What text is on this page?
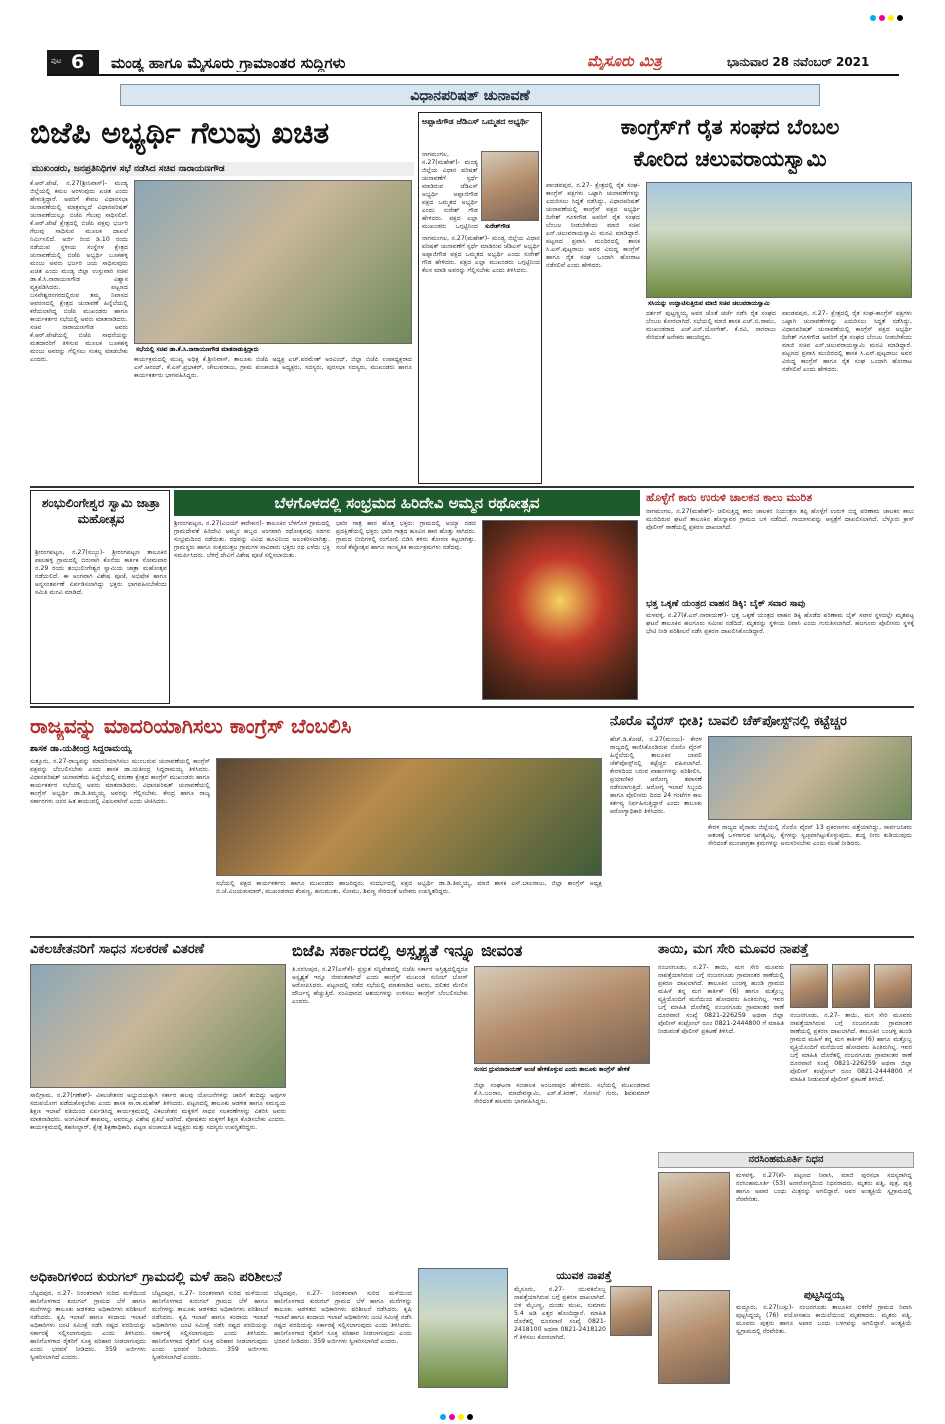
ಪುಟ 6 ಮಂಡ್ಯ ಹಾಗೂ ಮೈಸೂರು ಗ್ರಾಮಾಂತರ ಸುದ್ದಿಗಳು	ಮೈಸೂರು ಮಿತ್ರ	ಭಾನುವಾರ 28 ನವೆಂಬರ್ 2021
ವಿಧಾನಪರಿಷತ್ ಚುನಾವಣೆ
ಬಿಜೆಪಿ ಅಭ್ಯರ್ಥಿ ಗೆಲುವು ಖಚಿತ
ಮುಖಂಡರು, ಜನಪ್ರತಿನಿಧಿಗಳ ಸಭೆ ನಡೆಸಿದ ಸಚಿವ ನಾರಾಯಣಗೌಡ
ಕೆ.ಆರ್.ಪೇಟೆ, ನ.27(ಶ್ರೀನಿವಾಸ್)- ಮಂಡ್ಯ ಜಿಲ್ಲೆಯಲ್ಲಿ ಕಮಲ ಅರಳುವುದು ಖಚಿತ ಎಂದು ಹೇಳುತ್ತಿದ್ದಾರೆ. ಅವರಿಗೆ ಕೇವಲ ವಿಧಾನಸಭಾ ಚುನಾವಣೆಯಲ್ಲಿ ಮಾತ್ರವಲ್ಲದೆ ವಿಧಾನಪರಿಷತ್ ಚುನಾವಣೆಯಲ್ಲೂ ಬಿಜೆಪಿ ಗೆಲುವು ಸಾಧಿಸಲಿದೆ. ಕೆ.ಆರ್.ಪೇಟೆ ಕ್ಷೇತ್ರದಲ್ಲಿ ಬಿಜೆಪಿ ಪಕ್ಷವು ಭರ್ಜರಿ ಗೆಲುವು ಸಾಧಿಸುವ ಮೂಲಕ ದಾಖಲೆ ನಿರ್ಮಿಸಲಿದೆ. ಅರ್ಜಿ ರಿಂದ ಡಿ.10 ರಂದು ನಡೆಯುವ ಸ್ಥಳೀಯ ಸಂಸ್ಥೆಗಳ ಕ್ಷೇತ್ರದ ಚುನಾವಣೆಯಲ್ಲಿ ಬಿಜೆಪಿ ಅಭ್ಯರ್ಥಿ ಬೂಕಹಳ್ಳಿ ಮಂಜು ಅವರು ಭರ್ಜರಿ ಜಯ ಸಾಧಿಸುವುದು ಖಚಿತ ಎಂದು ಮಂಡ್ಯ ಜಿಲ್ಲಾ ಉಸ್ತುವಾರಿ ಸಚಿವ ಡಾ.ಕೆ.ಸಿ.ನಾರಾಯಣಗೌಡ ವಿಶ್ವಾಸ ವ್ಯಕ್ತಪಡಿಸಿದರು. ಪಟ್ಟಣದ ಬಸವೇಶ್ವರನಗರದಲ್ಲಿರುವ ತಮ್ಮ ನಿವಾಸದ ಆವರಣದಲ್ಲಿ ಕ್ಷೇತ್ರದ ಚುನಾವಣೆ ಹಿನ್ನೆಲೆಯಲ್ಲಿ ಕರೆಯಲಾಗಿದ್ದ ಬಿಜೆಪಿ ಮುಖಂಡರು ಹಾಗೂ ಕಾರ್ಯಕರ್ತರ ಸಭೆಯಲ್ಲಿ ಅವರು ಮಾತನಾಡಿದರು. ಸಚಿವ ನಾರಾಯಣಗೌಡ ಅವರು ಕೆ.ಆರ್.ಪೇಟೆಯಲ್ಲಿ ಬಿಜೆಪಿ ಸಾಧನೆಯನ್ನು ಮತದಾರರಿಗೆ ತಿಳಿಸುವ ಮೂಲಕ ಬೂಕಹಳ್ಳಿ ಮಂಜು ಅವರನ್ನು ಗೆಲ್ಲಿಸಲು ಸಂಕಲ್ಪ ಮಾಡಬೇಕು ಎಂದರು.
ಸಭೆಯಲ್ಲಿ ಸಚಿವ ಡಾ.ಕೆ.ಸಿ.ನಾರಾಯಣಗೌಡ ಮಾತನಾಡುತ್ತಿದ್ದಾರು
ಕಾರ್ಯಕ್ರಮದಲ್ಲಿ ಮುಖ್ಯ ಅಧಿಕ್ಷ ಕೆ.ಶ್ರೀನಿವಾಸ್, ತಾಲೂಕು ಬಿಜೆಪಿ ಅಧ್ಯಕ್ಷ ಎಚ್.ಪರಮೇಶ್ ಅರವಿಂದ್, ಜಿಲ್ಲಾ ಬಿಜೆಪಿ ಉಪಾಧ್ಯಕ್ಷರಾದ ಎಸ್.ಆನಂದ್, ಕೆ.ಎಸ್.ಪ್ರಭಾಕರ್, ಚೇಲುವರಾಜು, ಗ್ರಾಮ ಪಂಚಾಯತಿ ಅಧ್ಯಕ್ಷರು, ಸದಸ್ಯರು, ಪುರಸಭಾ ಸದಸ್ಯರು, ಮುಖಂಡರು ಹಾಗೂ ಕಾರ್ಯಕರ್ತರು ಭಾಗವಹಿಸಿದ್ದರು.
ಅಪ್ಪಾಜಿಗೌಡ ಜೆಡಿಎಸ್ ಒಮ್ಮತದ ಅಭ್ಯರ್ಥಿ
ಸುರೇಶ್‌ಗೌಡ
ನಾಗಮಂಗಲ, ನ.27(ಮಹೇಶ್)- ಮಂಡ್ಯ ಜಿಲ್ಲೆಯ ವಿಧಾನ ಪರಿಷತ್ ಚುನಾವಣೆಗೆ ಸ್ಪರ್ಧೆ ಮಾಡಿರುವ ಜೆಡಿಎಸ್ ಅಭ್ಯರ್ಥಿ ಅಪ್ಪಾಜಿಗೌಡ ಪಕ್ಷದ ಒಮ್ಮತದ ಅಭ್ಯರ್ಥಿ ಎಂದು ಸುರೇಶ್ ಗೌಡ ಹೇಳಿದರು. ಪಕ್ಷದ ಎಲ್ಲಾ ಮುಖಂಡರು ಒಗ್ಗಟ್ಟಿನಿಂದ
ನಾಗಮಂಗಲ, ನ.27(ಮಹೇಶ್)- ಮಂಡ್ಯ ಜಿಲ್ಲೆಯ ವಿಧಾನ ಪರಿಷತ್ ಚುನಾವಣೆಗೆ ಸ್ಪರ್ಧೆ ಮಾಡಿರುವ ಜೆಡಿಎಸ್ ಅಭ್ಯರ್ಥಿ ಅಪ್ಪಾಜಿಗೌಡ ಪಕ್ಷದ ಒಮ್ಮತದ ಅಭ್ಯರ್ಥಿ ಎಂದು ಸುರೇಶ್ ಗೌಡ ಹೇಳಿದರು. ಪಕ್ಷದ ಎಲ್ಲಾ ಮುಖಂಡರು ಒಗ್ಗಟ್ಟಿನಿಂದ ಕೆಲಸ ಮಾಡಿ ಅವರನ್ನು ಗೆಲ್ಲಿಸಬೇಕು ಎಂದು ತಿಳಿಸಿದರು.
ಕಾಂಗ್ರೆಸ್‌ಗೆ ರೈತ ಸಂಘದ ಬೆಂಬಲ
ಕೋರಿದ ಚಲುವರಾಯಸ್ವಾಮಿ
ಪಾಂಡವಪುರ, ನ.27- ಕ್ಷೇತ್ರದಲ್ಲಿ ರೈತ ಸಂಘ-ಕಾಂಗ್ರೆಸ್ ಪಕ್ಷಗಳು ಒಟ್ಟಾಗಿ ಚುನಾವಣೆಗಳನ್ನು ಎದುರಿಸಲು ಸಿದ್ದತೆ ನಡೆಸಿದ್ದು, ವಿಧಾನಪರಿಷತ್ ಚುನಾವಣೆಯಲ್ಲಿ ಕಾಂಗ್ರೆಸ್ ಪಕ್ಷದ ಅಭ್ಯರ್ಥಿ ದಿನೇಶ್ ಗೂಳಿಗೌಡ ಅವರಿಗೆ ರೈತ ಸಂಘದ ಬೆಂಬಲ ನೀಡಬೇಕೆಂದು ಮಾಜಿ ಸಚಿವ ಎನ್.ಚಲುವರಾಯಸ್ವಾಮಿ ಮನವಿ ಮಾಡಿದ್ದಾರೆ. ಪಟ್ಟಣದ ಪ್ರವಾಸಿ ಮಂದಿರದಲ್ಲಿ ಶಾಸಕ ಸಿ.ಎಸ್.ಪುಟ್ಟರಾಜು ಅವರ ವಿರುದ್ಧ ಕಾಂಗ್ರೆಸ್ ಹಾಗೂ ರೈತ ಸಂಘ ಒಂದಾಗಿ ಹೋರಾಟ ನಡೆಸಲಿವೆ ಎಂದು ಹೇಳಿದರು.
ಸಸಿಯನ್ನು ಉದ್ಘಾಟಿಸುತ್ತಿರುವ ಮಾಜಿ ಸಚಿವ ಚಲುವರಾಯಸ್ವಾಮಿ
ದರ್ಶನ್ ಪುಟ್ಟಣ್ಣಯ್ಯ ಅವರ ಜೊತೆ ಚರ್ಚೆ ನಡೆಸಿ ರೈತ ಸಂಘದ ಬೆಂಬಲ ಕೋರಲಾಗಿದೆ. ಸಭೆಯಲ್ಲಿ ಮಾಜಿ ಶಾಸಕ ಎಚ್.ಬಿ.ರಾಮು, ಮುಖಂಡರಾದ ಎಚ್.ಎನ್.ಯೋಗೇಶ್, ಕೆ.ರವಿ, ನಾಗರಾಜು ಸೇರಿದಂತೆ ಅನೇಕರು ಹಾಜರಿದ್ದರು.
ಪಾಂಡವಪುರ, ನ.27- ಕ್ಷೇತ್ರದಲ್ಲಿ ರೈತ ಸಂಘ-ಕಾಂಗ್ರೆಸ್ ಪಕ್ಷಗಳು ಒಟ್ಟಾಗಿ ಚುನಾವಣೆಗಳನ್ನು ಎದುರಿಸಲು ಸಿದ್ದತೆ ನಡೆಸಿದ್ದು, ವಿಧಾನಪರಿಷತ್ ಚುನಾವಣೆಯಲ್ಲಿ ಕಾಂಗ್ರೆಸ್ ಪಕ್ಷದ ಅಭ್ಯರ್ಥಿ ದಿನೇಶ್ ಗೂಳಿಗೌಡ ಅವರಿಗೆ ರೈತ ಸಂಘದ ಬೆಂಬಲ ನೀಡಬೇಕೆಂದು ಮಾಜಿ ಸಚಿವ ಎನ್.ಚಲುವರಾಯಸ್ವಾಮಿ ಮನವಿ ಮಾಡಿದ್ದಾರೆ. ಪಟ್ಟಣದ ಪ್ರವಾಸಿ ಮಂದಿರದಲ್ಲಿ ಶಾಸಕ ಸಿ.ಎಸ್.ಪುಟ್ಟರಾಜು ಅವರ ವಿರುದ್ಧ ಕಾಂಗ್ರೆಸ್ ಹಾಗೂ ರೈತ ಸಂಘ ಒಂದಾಗಿ ಹೋರಾಟ ನಡೆಸಲಿವೆ ಎಂದು ಹೇಳಿದರು.
ಶಂಭುಲಿಂಗೇಶ್ವರ ಸ್ವಾಮಿ ಜಾತ್ರಾ ಮಹೋತ್ಸವ
ಶ್ರೀರಂಗಪಟ್ಟಣ, ನ.27(ಸುಬ್ಬು)- ಶ್ರೀರಂಗಪಟ್ಟಣ ತಾಲೂಕಿನ ಪಾಲಹಳ್ಳಿ ಗ್ರಾಮದಲ್ಲಿ ಬಿರುಸಾಗಿ ಕೊನೆಯ ಕಾರ್ತಿಕ ಸೋಮವಾರ ನ.29 ರಂದು ಶಂಭುಲಿಂಗೇಶ್ವರ ಸ್ವಾಮಿಯ ಜಾತ್ರಾ ಮಹೋತ್ಸವ ನಡೆಯಲಿದೆ. ಈ ಅಂಗವಾಗಿ ವಿಶೇಷ ಪೂಜೆ, ಅಭಿಷೇಕ ಹಾಗೂ ಅನ್ನಸಂತರ್ಪಣೆ ಏರ್ಪಡಿಸಲಾಗಿದ್ದು ಭಕ್ತರು ಭಾಗವಹಿಸಬೇಕೆಂದು ಸಮಿತಿ ಮನವಿ ಮಾಡಿದೆ.
ಬೆಳಗೊಳದಲ್ಲಿ ಸಂಭ್ರಮದ ಹಿರಿದೇವಿ ಅಮ್ಮನ ರಥೋತ್ಸವ
ಶ್ರೀರಂಗಪಟ್ಟಣ, ನ.27(ವಿಜಯ್ ಕಾರೇಕುರ)- ತಾಲೂಕಿನ ಬೆಳಗೊಳ ಗ್ರಾಮದಲ್ಲಿ ಗ್ರಾಮದೇವತೆ ಹಿರಿದೇವಿ ಅಮ್ಮನ ಹಬ್ಬದ ಅಂಗವಾಗಿ ರಥೋತ್ಸವವು ಸಡಗರ ಸಂಭ್ರಮದಿಂದ ನಡೆಯಿತು. ರಥವನ್ನು ವಿವಿಧ ಹೂವಿನಿಂದ ಅಲಂಕರಿಸಲಾಗಿತ್ತು. ಗ್ರಾಮಸ್ಥರು ಹಾಗೂ ಸುತ್ತಮುತ್ತಲ ಗ್ರಾಮಗಳ ಸಾವಿರಾರು ಭಕ್ತರು ರಥ ಎಳೆದು ಭಕ್ತಿ ಸಮರ್ಪಿಸಿದರು. ಬೆಳಿಗ್ಗೆ ದೇವಿಗೆ ವಿಶೇಷ ಪೂಜೆ ಸಲ್ಲಿಸಲಾಯಿತು.
ಭಾರೀ ಗಾತ್ರ ಹಾರ ಹೊತ್ತ ಭಕ್ತರು: ಗ್ರಾಮದಲ್ಲಿ ಅಯ್ಯಾ ನಡದ ಪ್ರದಕ್ಷಿಣೆಯಲ್ಲಿ ಭಕ್ತರು ಭಾರೀ ಗಾತ್ರದ ಹೂವಿನ ಹಾರ ಹೊತ್ತು ಸಾಗಿದರು. ಗ್ರಾಮದ ಬೀದಿಗಳಲ್ಲಿ ರಂಗೋಲಿ ಬಿಡಿಸಿ ತಳಿರು ತೋರಣ ಕಟ್ಟಲಾಗಿತ್ತು. ಸಂಜೆ ತೆಪ್ಪೋತ್ಸವ ಹಾಗೂ ಸಾಂಸ್ಕೃತಿಕ ಕಾರ್ಯಕ್ರಮಗಳು ನಡೆದವು.
ಹೊಳ್ಳೆಗೆ ಕಾರು ಉರುಳಿ ಚಾಲಕನ ಕಾಲು ಮುರಿತ
ನಾಗಮಂಗಲ, ನ.27(ಮಹೇಶ್)- ಚಲಿಸುತ್ತಿದ್ದ ಕಾರು ಚಾಲಕನ ನಿಯಂತ್ರಣ ತಪ್ಪಿ ಹೊಳ್ಳೆಗೆ ಉರುಳಿ ಬಿದ್ದ ಪರಿಣಾಮ ಚಾಲಕನ ಕಾಲು ಮುರಿದಿರುವ ಘಟನೆ ತಾಲೂಕಿನ ಹೊನ್ನಾವರ ಗ್ರಾಮದ ಬಳಿ ನಡೆದಿದೆ. ಗಾಯಾಳುವನ್ನು ಆಸ್ಪತ್ರೆಗೆ ದಾಖಲಿಸಲಾಗಿದೆ. ಬೆಳ್ಳೂರು ಕ್ರಾಸ್ ಪೊಲೀಸ್ ಠಾಣೆಯಲ್ಲಿ ಪ್ರಕರಣ ದಾಖಲಾಗಿದೆ.
ಭತ್ತ ಒಕ್ಕಣೆ ಯಂತ್ರದ ವಾಹನ ಡಿಕ್ಕಿ: ಬೈಕ್ ಸವಾರ ಸಾವು
ಮಳವಳ್ಳಿ, ನ.27(ಕೆ.ಎನ್.ನಾರಾಯಣ್)- ಭತ್ತ ಒಕ್ಕಣೆ ಯಂತ್ರದ ವಾಹನ ಡಿಕ್ಕಿ ಹೊಡೆದ ಪರಿಣಾಮ ಬೈಕ್ ಸವಾರ ಸ್ಥಳದಲ್ಲೇ ಮೃತಪಟ್ಟ ಘಟನೆ ತಾಲೂಕಿನ ಹಲಗೂರು ಸಮೀಪ ನಡೆದಿದೆ. ಮೃತನನ್ನು ಸ್ಥಳೀಯ ನಿವಾಸಿ ಎಂದು ಗುರುತಿಸಲಾಗಿದೆ. ಹಲಗೂರು ಪೊಲೀಸರು ಸ್ಥಳಕ್ಕೆ ಭೇಟಿ ನೀಡಿ ಪರಿಶೀಲನೆ ನಡೆಸಿ ಪ್ರಕರಣ ದಾಖಲಿಸಿಕೊಂಡಿದ್ದಾರೆ.
ರಾಜ್ಯವನ್ನು ಮಾದರಿಯಾಗಿಸಲು ಕಾಂಗ್ರೆಸ್ ಬೆಂಬಲಿಸಿ
ಶಾಸಕ ಡಾ.ಯತೀಂದ್ರ ಸಿದ್ದರಾಮಯ್ಯ
ಸುತ್ತೂರು, ನ.27-ರಾಜ್ಯವನ್ನು ಮಾದರಿಯಾಗಿಸಲು ಮುಂಬರುವ ಚುನಾವಣೆಯಲ್ಲಿ ಕಾಂಗ್ರೆಸ್ ಪಕ್ಷವನ್ನು ಬೆಂಬಲಿಸಬೇಕು ಎಂದು ಶಾಸಕ ಡಾ.ಯತೀಂದ್ರ ಸಿದ್ದರಾಮಯ್ಯ ತಿಳಿಸಿದರು. ವಿಧಾನಪರಿಷತ್ ಚುನಾವಣೆಯ ಹಿನ್ನೆಲೆಯಲ್ಲಿ ವರುಣಾ ಕ್ಷೇತ್ರದ ಕಾಂಗ್ರೆಸ್ ಮುಖಂಡರು ಹಾಗೂ ಕಾರ್ಯಕರ್ತರ ಸಭೆಯಲ್ಲಿ ಅವರು ಮಾತನಾಡಿದರು. ವಿಧಾನಪರಿಷತ್ ಚುನಾವಣೆಯಲ್ಲಿ ಕಾಂಗ್ರೆಸ್ ಅಭ್ಯರ್ಥಿ ಡಾ.ಡಿ.ತಿಮ್ಮಯ್ಯ ಅವರನ್ನು ಗೆಲ್ಲಿಸಬೇಕು. ಕೇಂದ್ರ ಹಾಗೂ ರಾಜ್ಯ ಸರ್ಕಾರಗಳು ಜನರ ಹಿತ ಕಾಯುವಲ್ಲಿ ವಿಫಲವಾಗಿವೆ ಎಂದು ಟೀಕಿಸಿದರು.
ಸಭೆಯಲ್ಲಿ ಪಕ್ಷದ ಕಾರ್ಯಕರ್ತರು ಹಾಗೂ ಮುಖಂಡರು ಹಾಜರಿದ್ದರು. ಸಂದರ್ಭದಲ್ಲಿ ಪಕ್ಷದ ಅಭ್ಯರ್ಥಿ ಡಾ.ಡಿ.ತಿಮ್ಮಯ್ಯ, ಮಾಜಿ ಶಾಸಕ ಎಸ್.ಬಾಲರಾಜು, ಜಿಲ್ಲಾ ಕಾಂಗ್ರೆಸ್ ಅಧ್ಯಕ್ಷ ಬಿ.ಜೆ.ವಿಜಯಕುಮಾರ್, ಮುಖಂಡರಾದ ಕೆಂಪಣ್ಣ, ಹನುಮಂತು, ಸೋಮು, ಶಿವಣ್ಣ ಸೇರಿದಂತೆ ಅನೇಕರು ಉಪಸ್ಥಿತರಿದ್ದರು.
ನೊರೊ ವೈರಸ್ ಭೀತಿ; ಬಾವಲಿ ಚೆಕ್‌ಪೋಸ್ಟ್‌ನಲ್ಲಿ ಕಟ್ಟೆಚ್ಚರ
ಹೆಚ್.ಡಿ.ಕೋಟೆ, ನ.27(ಮಂಜು)- ಕೇರಳ ರಾಜ್ಯದಲ್ಲಿ ಕಾಣಿಸಿಕೊಂಡಿರುವ ನೊರೊ ವೈರಸ್ ಹಿನ್ನೆಲೆಯಲ್ಲಿ ತಾಲೂಕಿನ ಬಾವಲಿ ಚೆಕ್‌ಪೋಸ್ಟ್‌ನಲ್ಲಿ ಕಟ್ಟೆಚ್ಚರ ವಹಿಸಲಾಗಿದೆ. ಕೇರಳದಿಂದ ಬರುವ ವಾಹನಗಳನ್ನು ಪರಿಶೀಲಿಸಿ, ಪ್ರಯಾಣಿಕರ ಆರೋಗ್ಯ ತಪಾಸಣೆ ನಡೆಸಲಾಗುತ್ತಿದೆ. ಆರೋಗ್ಯ ಇಲಾಖೆ ಸಿಬ್ಬಂದಿ ಹಾಗೂ ಪೊಲೀಸರು ದಿನದ 24 ಗಂಟೆಗಳ ಕಾಲ ಕರ್ತವ್ಯ ನಿರ್ವಹಿಸುತ್ತಿದ್ದಾರೆ ಎಂದು ತಾಲೂಕು ಆರೋಗ್ಯಾಧಿಕಾರಿ ತಿಳಿಸಿದರು.
ಕೇರಳ ರಾಜ್ಯದ ವೈನಾಡು ಜಿಲ್ಲೆಯಲ್ಲಿ ನೊರೊ ವೈರಸ್ 13 ಪ್ರಕರಣಗಳು ಪತ್ತೆಯಾಗಿದ್ದು, ಸಾರ್ವಜನಿಕರು ಆತಂಕಕ್ಕೆ ಒಳಗಾಗುವ ಅಗತ್ಯವಿಲ್ಲ. ಕೈಗಳನ್ನು ಸ್ವಚ್ಛವಾಗಿಟ್ಟುಕೊಳ್ಳುವುದು, ಶುದ್ಧ ನೀರು ಕುಡಿಯುವುದು ಸೇರಿದಂತೆ ಮುಂಜಾಗ್ರತಾ ಕ್ರಮಗಳನ್ನು ಅನುಸರಿಸಬೇಕು ಎಂದು ಸಲಹೆ ನೀಡಿದರು.
ವಿಕಲಚೇತನರಿಗೆ ಸಾಧನ ಸಲಕರಣೆ ವಿತರಣೆ
ಸಾಲಿಗ್ರಾಮ, ನ.27(ಗಣೇಶ್)- ವಿಕಲಚೇತನರ ಅಭ್ಯುದಯಕ್ಕಾಗಿ ಸರ್ಕಾರ ಹಲವು ಯೋಜನೆಗಳನ್ನು ಜಾರಿಗೆ ತಂದಿದ್ದು ಅವುಗಳ ಸದುಪಯೋಗ ಪಡೆದುಕೊಳ್ಳಬೇಕು ಎಂದು ಶಾಸಕ ಸಾ.ರಾ.ಮಹೇಶ್ ತಿಳಿಸಿದರು. ಪಟ್ಟಣದಲ್ಲಿ ತಾಲೂಕು ಆಡಳಿತ ಹಾಗೂ ಸಮನ್ವಯ ಶಿಕ್ಷಣ ಇಲಾಖೆ ವತಿಯಿಂದ ಏರ್ಪಡಿಸಿದ್ದ ಕಾರ್ಯಕ್ರಮದಲ್ಲಿ ವಿಕಲಚೇತನ ಮಕ್ಕಳಿಗೆ ಸಾಧನ ಸಲಕರಣೆಗಳನ್ನು ವಿತರಿಸಿ ಅವರು ಮಾತನಾಡಿದರು. ಅಂಗವಿಕಲತೆ ಶಾಪವಲ್ಲ, ಅವರಲ್ಲೂ ವಿಶೇಷ ಪ್ರತಿಭೆ ಅಡಗಿದೆ. ಪೋಷಕರು ಮಕ್ಕಳಿಗೆ ಶಿಕ್ಷಣ ಕೊಡಿಸಬೇಕು ಎಂದರು. ಕಾರ್ಯಕ್ರಮದಲ್ಲಿ ತಹಸೀಲ್ದಾರ್, ಕ್ಷೇತ್ರ ಶಿಕ್ಷಣಾಧಿಕಾರಿ, ಪಟ್ಟಣ ಪಂಚಾಯತಿ ಅಧ್ಯಕ್ಷರು ಮತ್ತು ಸದಸ್ಯರು ಉಪಸ್ಥಿತರಿದ್ದರು.
ಬಿಜೆಪಿ ಸರ್ಕಾರದಲ್ಲಿ ಅಸ್ಪೃಶ್ಯತೆ ಇನ್ನೂ ಜೀವಂತ
ತಿ.ನರಸೀಪುರ, ನ.27(ಎಸ್‌ಕೆ)- ಪ್ರಸ್ತುತ ಸನ್ನಿವೇಶದಲ್ಲಿ ಬಿಜೆಪಿ ಸರ್ಕಾರ ಅಸ್ತಿತ್ವದಲ್ಲಿದ್ದರೂ ಅಸ್ಪೃಶ್ಯತೆ ಇನ್ನೂ ಜೀವಂತವಾಗಿದೆ ಎಂದು ಕಾಂಗ್ರೆಸ್ ಮುಖಂಡ ಸುನೀಲ್ ಬೋಸ್ ಆರೋಪಿಸಿದರು. ಪಟ್ಟಣದಲ್ಲಿ ನಡೆದ ಸಭೆಯಲ್ಲಿ ಮಾತನಾಡಿದ ಅವರು, ದಲಿತರ ಮೇಲಿನ ದೌರ್ಜನ್ಯ ಹೆಚ್ಚುತ್ತಿದೆ. ಸಂವಿಧಾನದ ಆಶಯಗಳನ್ನು ಉಳಿಸಲು ಕಾಂಗ್ರೆಸ್ ಬೆಂಬಲಿಸಬೇಕು ಎಂದರು.
ಸಂಸದ ಧ್ರುವನಾರಾಯಣ್ ಅಂಜೆ ಹೇಳಿಕೊಳ್ಳುವ ಎಂದು ತಾಲೂಕು ಕಾಂಗ್ರೆಸ್ ಹೇಳಿಕೆ
ಜಿಲ್ಲಾ ಸಂಘಟನಾ ಸಂಚಾಲಕ ಅಂಜನಾಪುರ ಹೇಳಿದರು. ಸಭೆಯಲ್ಲಿ ಮುಖಂಡರಾದ ಕೆ.ಸಿ.ಬಲರಾಂ, ಮಾದೇವಸ್ವಾಮಿ, ಎಸ್.ಕೆ.ಕಿರಣ್, ಸೋಸಲೆ ಗುರು, ಶಿವಕುಮಾರ್ ಸೇರಿದಂತೆ ಹಲವರು ಭಾಗವಹಿಸಿದ್ದರು.
ತಾಯಿ, ಮಗ ಸೇರಿ ಮೂವರ ನಾಪತ್ತೆ
ನಂಜನಗೂಡು, ನ.27- ತಾಯಿ, ಮಗ ಸೇರಿ ಮೂವರು ನಾಪತ್ತೆಯಾಗಿರುವ ಬಗ್ಗೆ ನಂಜನಗೂಡು ಗ್ರಾಮಾಂತರ ಠಾಣೆಯಲ್ಲಿ ಪ್ರಕರಣ ದಾಖಲಾಗಿದೆ. ತಾಲೂಕಿನ ಬಂಚಳ್ಳಿ ಹುಂಡಿ ಗ್ರಾಮದ ಮಹಿಳೆ ತನ್ನ ಮಗ ಕಾರ್ತಿಕ್ (6) ಹಾಗೂ ಮತ್ತೊಬ್ಬ ವ್ಯಕ್ತಿಯೊಂದಿಗೆ ಮನೆಯಿಂದ ಹೋದವರು ಹಿಂತಿರುಗಿಲ್ಲ. ಇವರ ಬಗ್ಗೆ ಮಾಹಿತಿ ದೊರೆತಲ್ಲಿ ನಂಜನಗೂಡು ಗ್ರಾಮಾಂತರ ಠಾಣೆ ದೂರವಾಣಿ ಸಂಖ್ಯೆ 0821-226259 ಅಥವಾ ಜಿಲ್ಲಾ ಪೊಲೀಸ್ ಕಂಟ್ರೋಲ್ ರೂಂ 0821-2444800 ಗೆ ಮಾಹಿತಿ ನೀಡುವಂತೆ ಪೊಲೀಸ್ ಪ್ರಕಟಣೆ ತಿಳಿಸಿದೆ.
ನಂಜನಗೂಡು, ನ.27- ತಾಯಿ, ಮಗ ಸೇರಿ ಮೂವರು ನಾಪತ್ತೆಯಾಗಿರುವ ಬಗ್ಗೆ ನಂಜನಗೂಡು ಗ್ರಾಮಾಂತರ ಠಾಣೆಯಲ್ಲಿ ಪ್ರಕರಣ ದಾಖಲಾಗಿದೆ. ತಾಲೂಕಿನ ಬಂಚಳ್ಳಿ ಹುಂಡಿ ಗ್ರಾಮದ ಮಹಿಳೆ ತನ್ನ ಮಗ ಕಾರ್ತಿಕ್ (6) ಹಾಗೂ ಮತ್ತೊಬ್ಬ ವ್ಯಕ್ತಿಯೊಂದಿಗೆ ಮನೆಯಿಂದ ಹೋದವರು ಹಿಂತಿರುಗಿಲ್ಲ. ಇವರ ಬಗ್ಗೆ ಮಾಹಿತಿ ದೊರೆತಲ್ಲಿ ನಂಜನಗೂಡು ಗ್ರಾಮಾಂತರ ಠಾಣೆ ದೂರವಾಣಿ ಸಂಖ್ಯೆ 0821-226259 ಅಥವಾ ಜಿಲ್ಲಾ ಪೊಲೀಸ್ ಕಂಟ್ರೋಲ್ ರೂಂ 0821-2444800 ಗೆ ಮಾಹಿತಿ ನೀಡುವಂತೆ ಪೊಲೀಸ್ ಪ್ರಕಟಣೆ ತಿಳಿಸಿದೆ.
ನರಸಿಂಹಮೂರ್ತಿ ನಿಧನ
ಮಳವಳ್ಳಿ, ನ.27(ಕೆ)- ಪಟ್ಟಣದ ನಿವಾಸಿ, ಮಾಜಿ ಪುರಸಭಾ ಸದಸ್ಯರಾಗಿದ್ದ ನರಸಿಂಹಮೂರ್ತಿ (53) ಅನಾರೋಗ್ಯದಿಂದ ನಿಧನರಾದರು. ಮೃತರು ಪತ್ನಿ, ಪುತ್ರ, ಪುತ್ರಿ ಹಾಗೂ ಅಪಾರ ಬಂಧು ಮಿತ್ರರನ್ನು ಅಗಲಿದ್ದಾರೆ. ಅವರ ಅಂತ್ಯಕ್ರಿಯೆ ಸ್ವಗ್ರಾಮದಲ್ಲಿ ನೆರವೇರಿತು.
ಪುಟ್ಟಸಿದ್ದಯ್ಯ
ಮದ್ದೂರು, ನ.27(ಬಸ್ಸು)- ನಂಜನಗೂಡು ತಾಲೂಕಿನ ಬಿಳಿಗೆರೆ ಗ್ರಾಮದ ನಿವಾಸಿ ಪುಟ್ಟಸಿದ್ದಯ್ಯ (76) ವಯೋಸಹಜ ಕಾಯಿಲೆಯಿಂದ ಮೃತರಾದರು. ಮೃತರು ಪತ್ನಿ, ಮೂವರು ಪುತ್ರರು ಹಾಗೂ ಅಪಾರ ಬಂಧು ಬಳಗವನ್ನು ಅಗಲಿದ್ದಾರೆ. ಅಂತ್ಯಕ್ರಿಯೆ ಸ್ವಗ್ರಾಮದಲ್ಲಿ ನೆರವೇರಿತು.
ಅಧಿಕಾರಿಗಳಿಂದ ಕುರುಗಲ್ ಗ್ರಾಮದಲ್ಲಿ ಮಳೆ ಹಾನಿ ಪರಿಶೀಲನೆ
ಬೆಟ್ಟದಪುರ, ನ.27- ನಿರಂತರವಾಗಿ ಸುರಿದ ಮಳೆಯಿಂದ ಹಾನಿಗೊಳಗಾದ ಕುರುಗಲ್ ಗ್ರಾಮದ ಬೆಳೆ ಹಾಗೂ ಮನೆಗಳನ್ನು ತಾಲೂಕು ಆಡಳಿತದ ಅಧಿಕಾರಿಗಳು ಪರಿಶೀಲನೆ ನಡೆಸಿದರು. ಕೃಷಿ ಇಲಾಖೆ ಹಾಗೂ ಕಂದಾಯ ಇಲಾಖೆ ಅಧಿಕಾರಿಗಳು ಜಂಟಿ ಸಮೀಕ್ಷೆ ನಡೆಸಿ ನಷ್ಟದ ವರದಿಯನ್ನು ಸರ್ಕಾರಕ್ಕೆ ಸಲ್ಲಿಸಲಾಗುವುದು ಎಂದು ತಿಳಿಸಿದರು. ಹಾನಿಗೊಳಗಾದ ರೈತರಿಗೆ ಸೂಕ್ತ ಪರಿಹಾರ ನೀಡಲಾಗುವುದು ಎಂದು ಭರವಸೆ ನೀಡಿದರು. 359 ಅರ್ಜಿಗಳು ಸ್ವೀಕರಿಸಲಾಗಿದೆ ಎಂದರು.
ಬೆಟ್ಟದಪುರ, ನ.27- ನಿರಂತರವಾಗಿ ಸುರಿದ ಮಳೆಯಿಂದ ಹಾನಿಗೊಳಗಾದ ಕುರುಗಲ್ ಗ್ರಾಮದ ಬೆಳೆ ಹಾಗೂ ಮನೆಗಳನ್ನು ತಾಲೂಕು ಆಡಳಿತದ ಅಧಿಕಾರಿಗಳು ಪರಿಶೀಲನೆ ನಡೆಸಿದರು. ಕೃಷಿ ಇಲಾಖೆ ಹಾಗೂ ಕಂದಾಯ ಇಲಾಖೆ ಅಧಿಕಾರಿಗಳು ಜಂಟಿ ಸಮೀಕ್ಷೆ ನಡೆಸಿ ನಷ್ಟದ ವರದಿಯನ್ನು ಸರ್ಕಾರಕ್ಕೆ ಸಲ್ಲಿಸಲಾಗುವುದು ಎಂದು ತಿಳಿಸಿದರು. ಹಾನಿಗೊಳಗಾದ ರೈತರಿಗೆ ಸೂಕ್ತ ಪರಿಹಾರ ನೀಡಲಾಗುವುದು ಎಂದು ಭರವಸೆ ನೀಡಿದರು. 359 ಅರ್ಜಿಗಳು ಸ್ವೀಕರಿಸಲಾಗಿದೆ ಎಂದರು.
ಬೆಟ್ಟದಪುರ, ನ.27- ನಿರಂತರವಾಗಿ ಸುರಿದ ಮಳೆಯಿಂದ ಹಾನಿಗೊಳಗಾದ ಕುರುಗಲ್ ಗ್ರಾಮದ ಬೆಳೆ ಹಾಗೂ ಮನೆಗಳನ್ನು ತಾಲೂಕು ಆಡಳಿತದ ಅಧಿಕಾರಿಗಳು ಪರಿಶೀಲನೆ ನಡೆಸಿದರು. ಕೃಷಿ ಇಲಾಖೆ ಹಾಗೂ ಕಂದಾಯ ಇಲಾಖೆ ಅಧಿಕಾರಿಗಳು ಜಂಟಿ ಸಮೀಕ್ಷೆ ನಡೆಸಿ ನಷ್ಟದ ವರದಿಯನ್ನು ಸರ್ಕಾರಕ್ಕೆ ಸಲ್ಲಿಸಲಾಗುವುದು ಎಂದು ತಿಳಿಸಿದರು. ಹಾನಿಗೊಳಗಾದ ರೈತರಿಗೆ ಸೂಕ್ತ ಪರಿಹಾರ ನೀಡಲಾಗುವುದು ಎಂದು ಭರವಸೆ ನೀಡಿದರು. 359 ಅರ್ಜಿಗಳು ಸ್ವೀಕರಿಸಲಾಗಿದೆ ಎಂದರು.
ಯುವಕ ನಾಪತ್ತೆ
ಮೈಸೂರು, ನ.27- ಯುವಕನೊಬ್ಬ ನಾಪತ್ತೆಯಾಗಿರುವ ಬಗ್ಗೆ ಪ್ರಕರಣ ದಾಖಲಾಗಿದೆ. ಬಿಳಿ ಮೈಬಣ್ಣ, ದುಂಡು ಮುಖ, ಸುಮಾರು 5.4 ಅಡಿ ಎತ್ತರ ಹೊಂದಿದ್ದಾನೆ. ಮಾಹಿತಿ ದೊರೆತಲ್ಲಿ ದೂರವಾಣಿ ಸಂಖ್ಯೆ 0821-2418100 ಅಥವಾ 0821-2418120 ಗೆ ತಿಳಿಸಲು ಕೋರಲಾಗಿದೆ.
